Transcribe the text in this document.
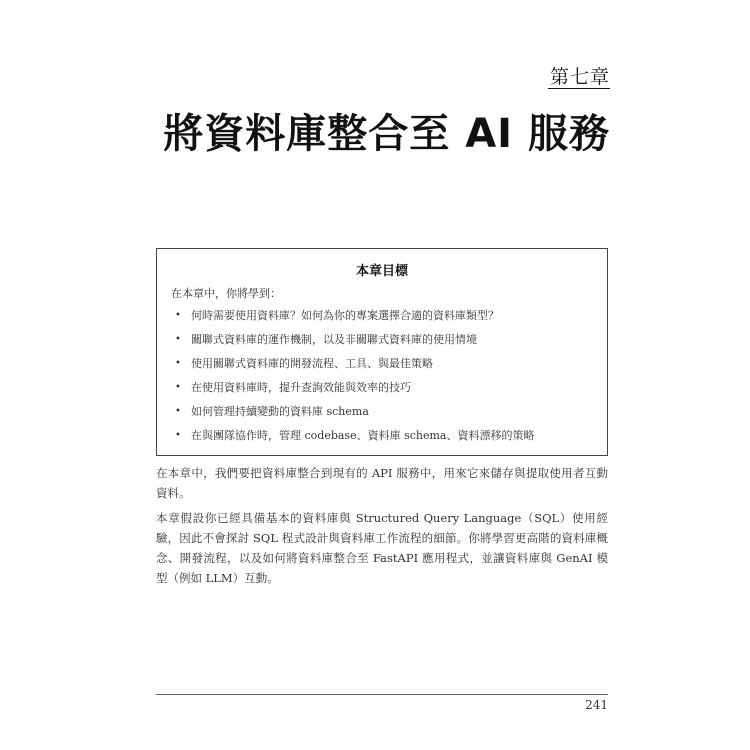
第七章
將資料庫整合至 AI 服務
本章目標
在本章中，你將學到：
• 何時需要使用資料庫？如何為你的專案選擇合適的資料庫類型？
• 關聯式資料庫的運作機制，以及非關聯式資料庫的使用情境
• 使用關聯式資料庫的開發流程、工具、與最佳策略
• 在使用資料庫時，提升查詢效能與效率的技巧
• 如何管理持續變動的資料庫 schema
• 在與團隊協作時，管理 codebase、資料庫 schema、資料漂移的策略

在本章中，我們要把資料庫整合到現有的 API 服務中，用來它來儲存與提取使用者互動資料。

本章假設你已經具備基本的資料庫與 Structured Query Language（SQL）使用經驗，因此不會探討 SQL 程式設計與資料庫工作流程的細節。你將學習更高階的資料庫概念、開發流程，以及如何將資料庫整合至 FastAPI 應用程式，並讓資料庫與 GenAI 模型（例如 LLM）互動。

241
